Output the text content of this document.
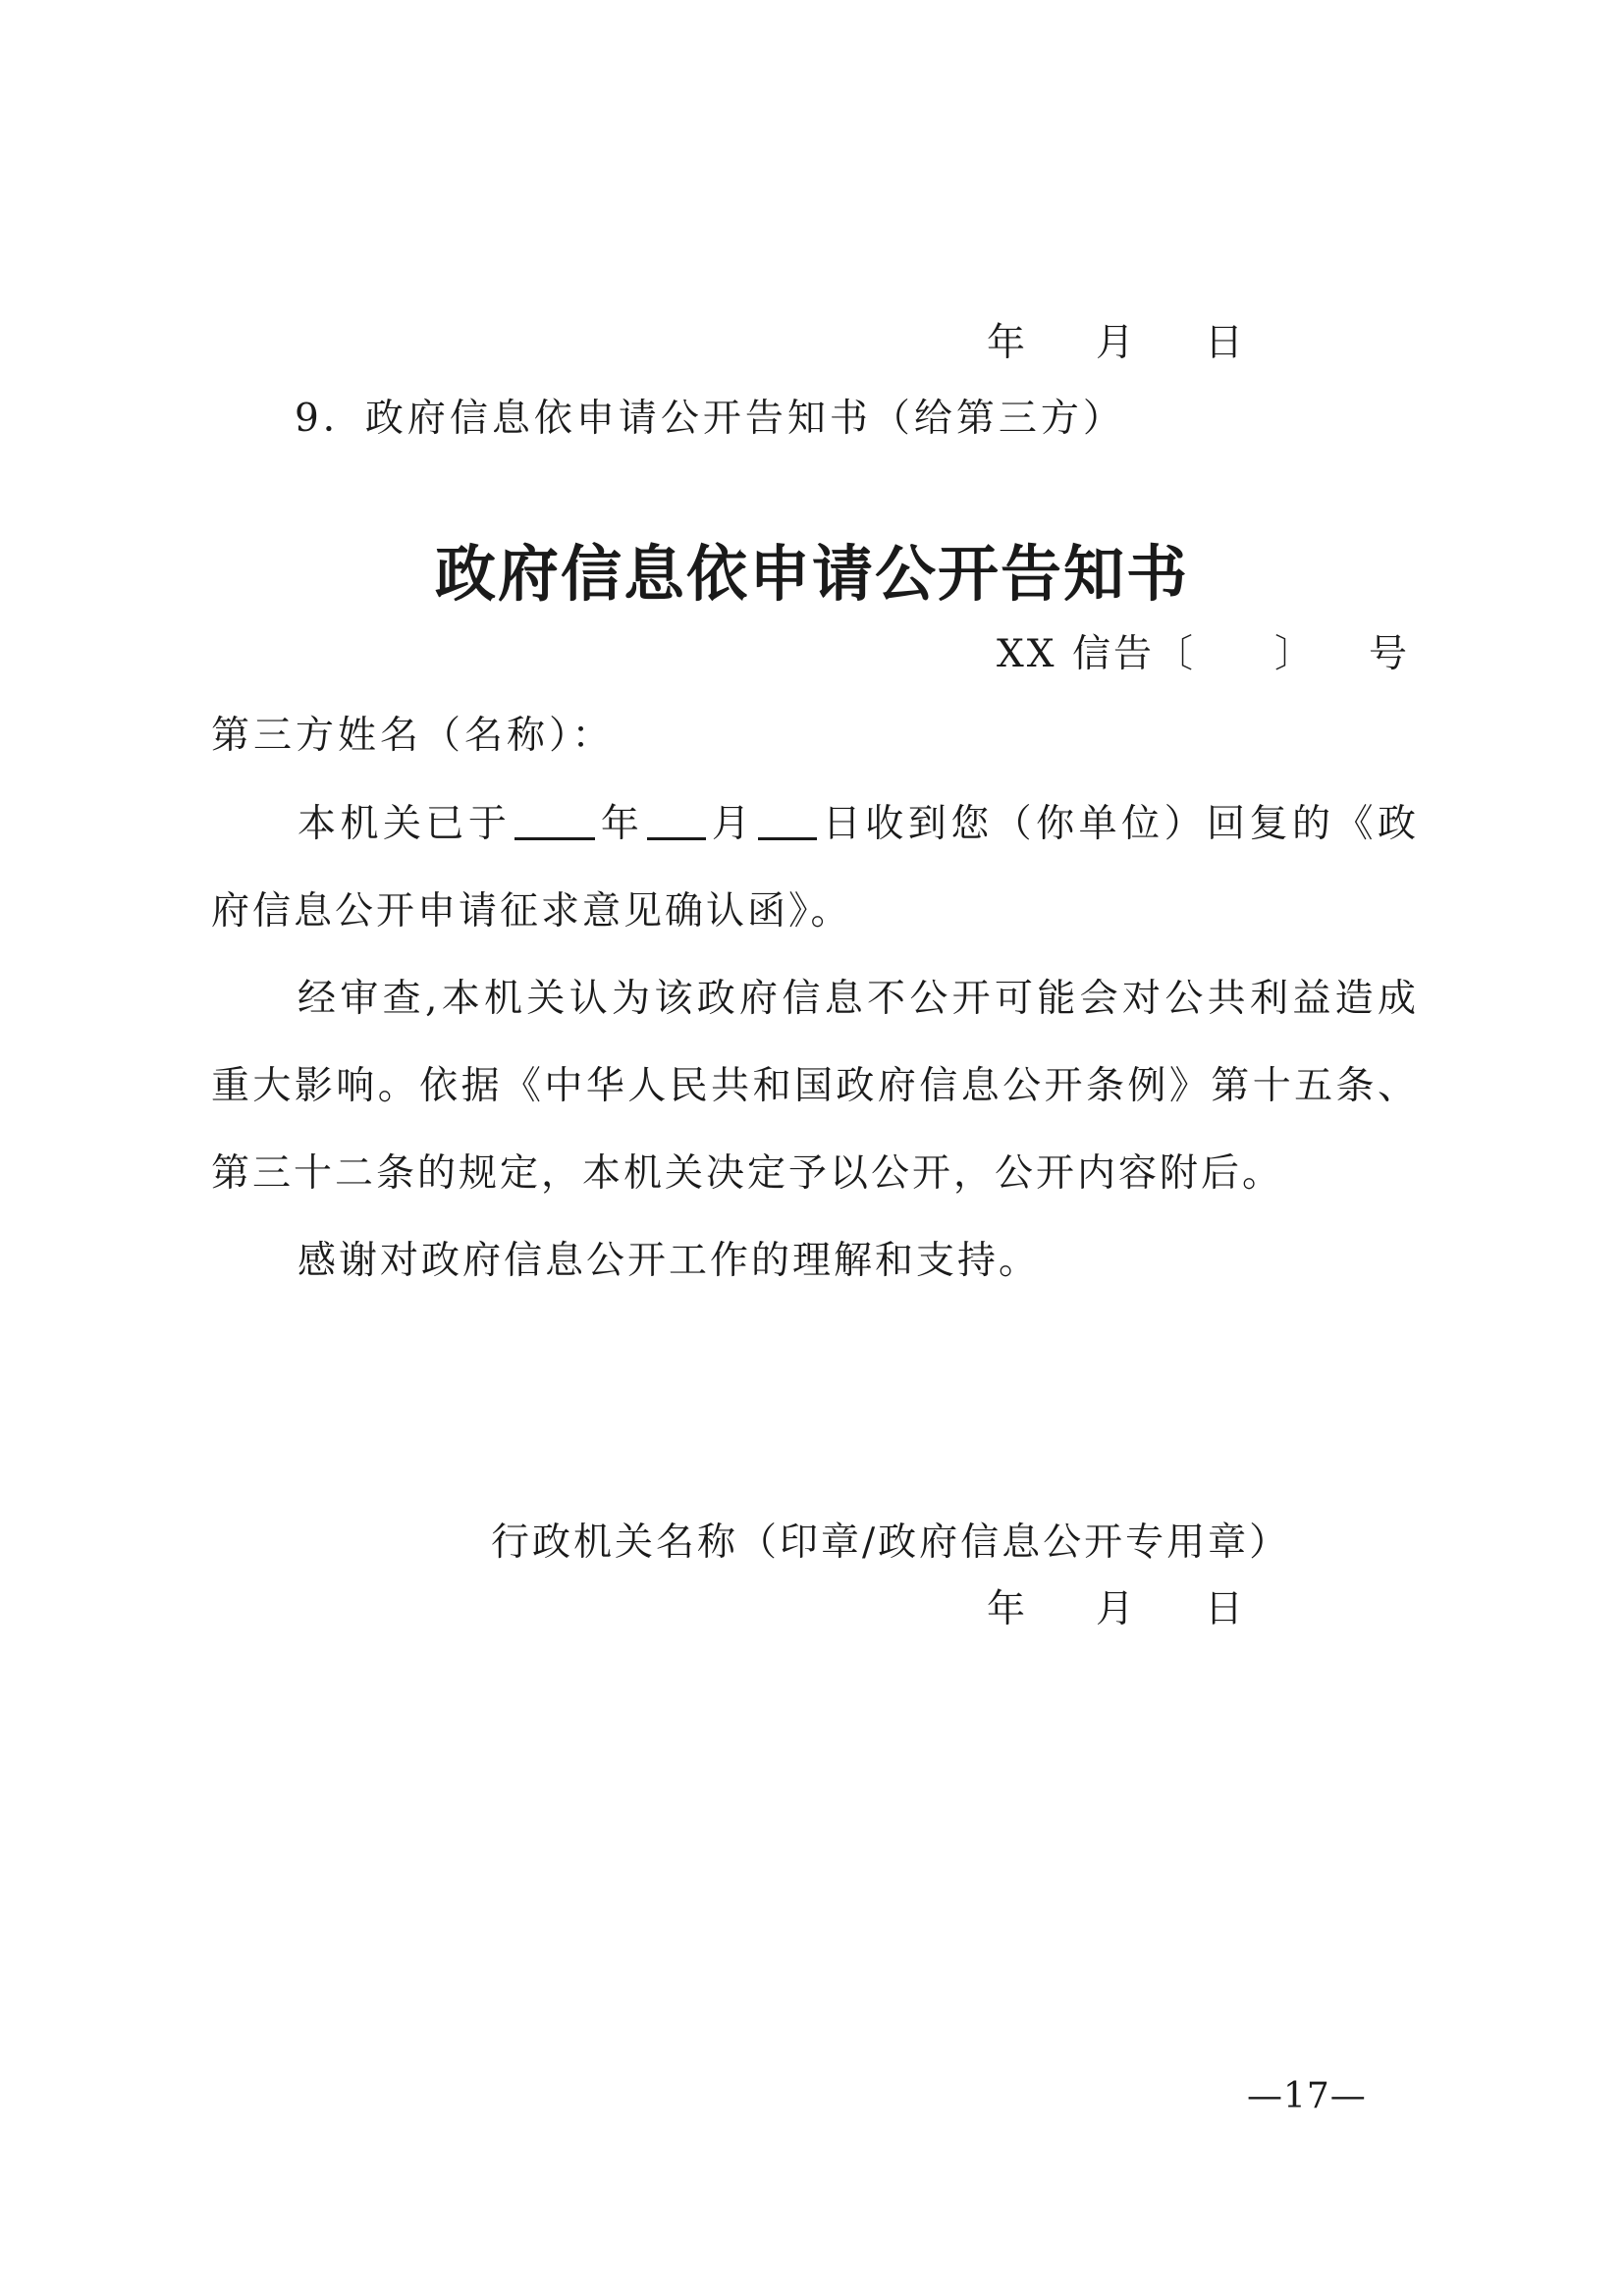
年 月 日
9．政府信息依申请公开告知书（给第三方）
政府信息依申请公开告知书
XX 信告〔 〕 号
第三方姓名（名称）：

本机关已于 年 月 日收到您（你单位）回复的《政府信息公开申请征求意见确认函》。

经审查,本机关认为该政府信息不公开可能会对公共利益造成重大影响。依据《中华人民共和国政府信息公开条例》第十五条、第三十二条的规定，本机关决定予以公开，公开内容附后。

感谢对政府信息公开工作的理解和支持。

行政机关名称（印章/政府信息公开专用章）
年 月 日
—17—
